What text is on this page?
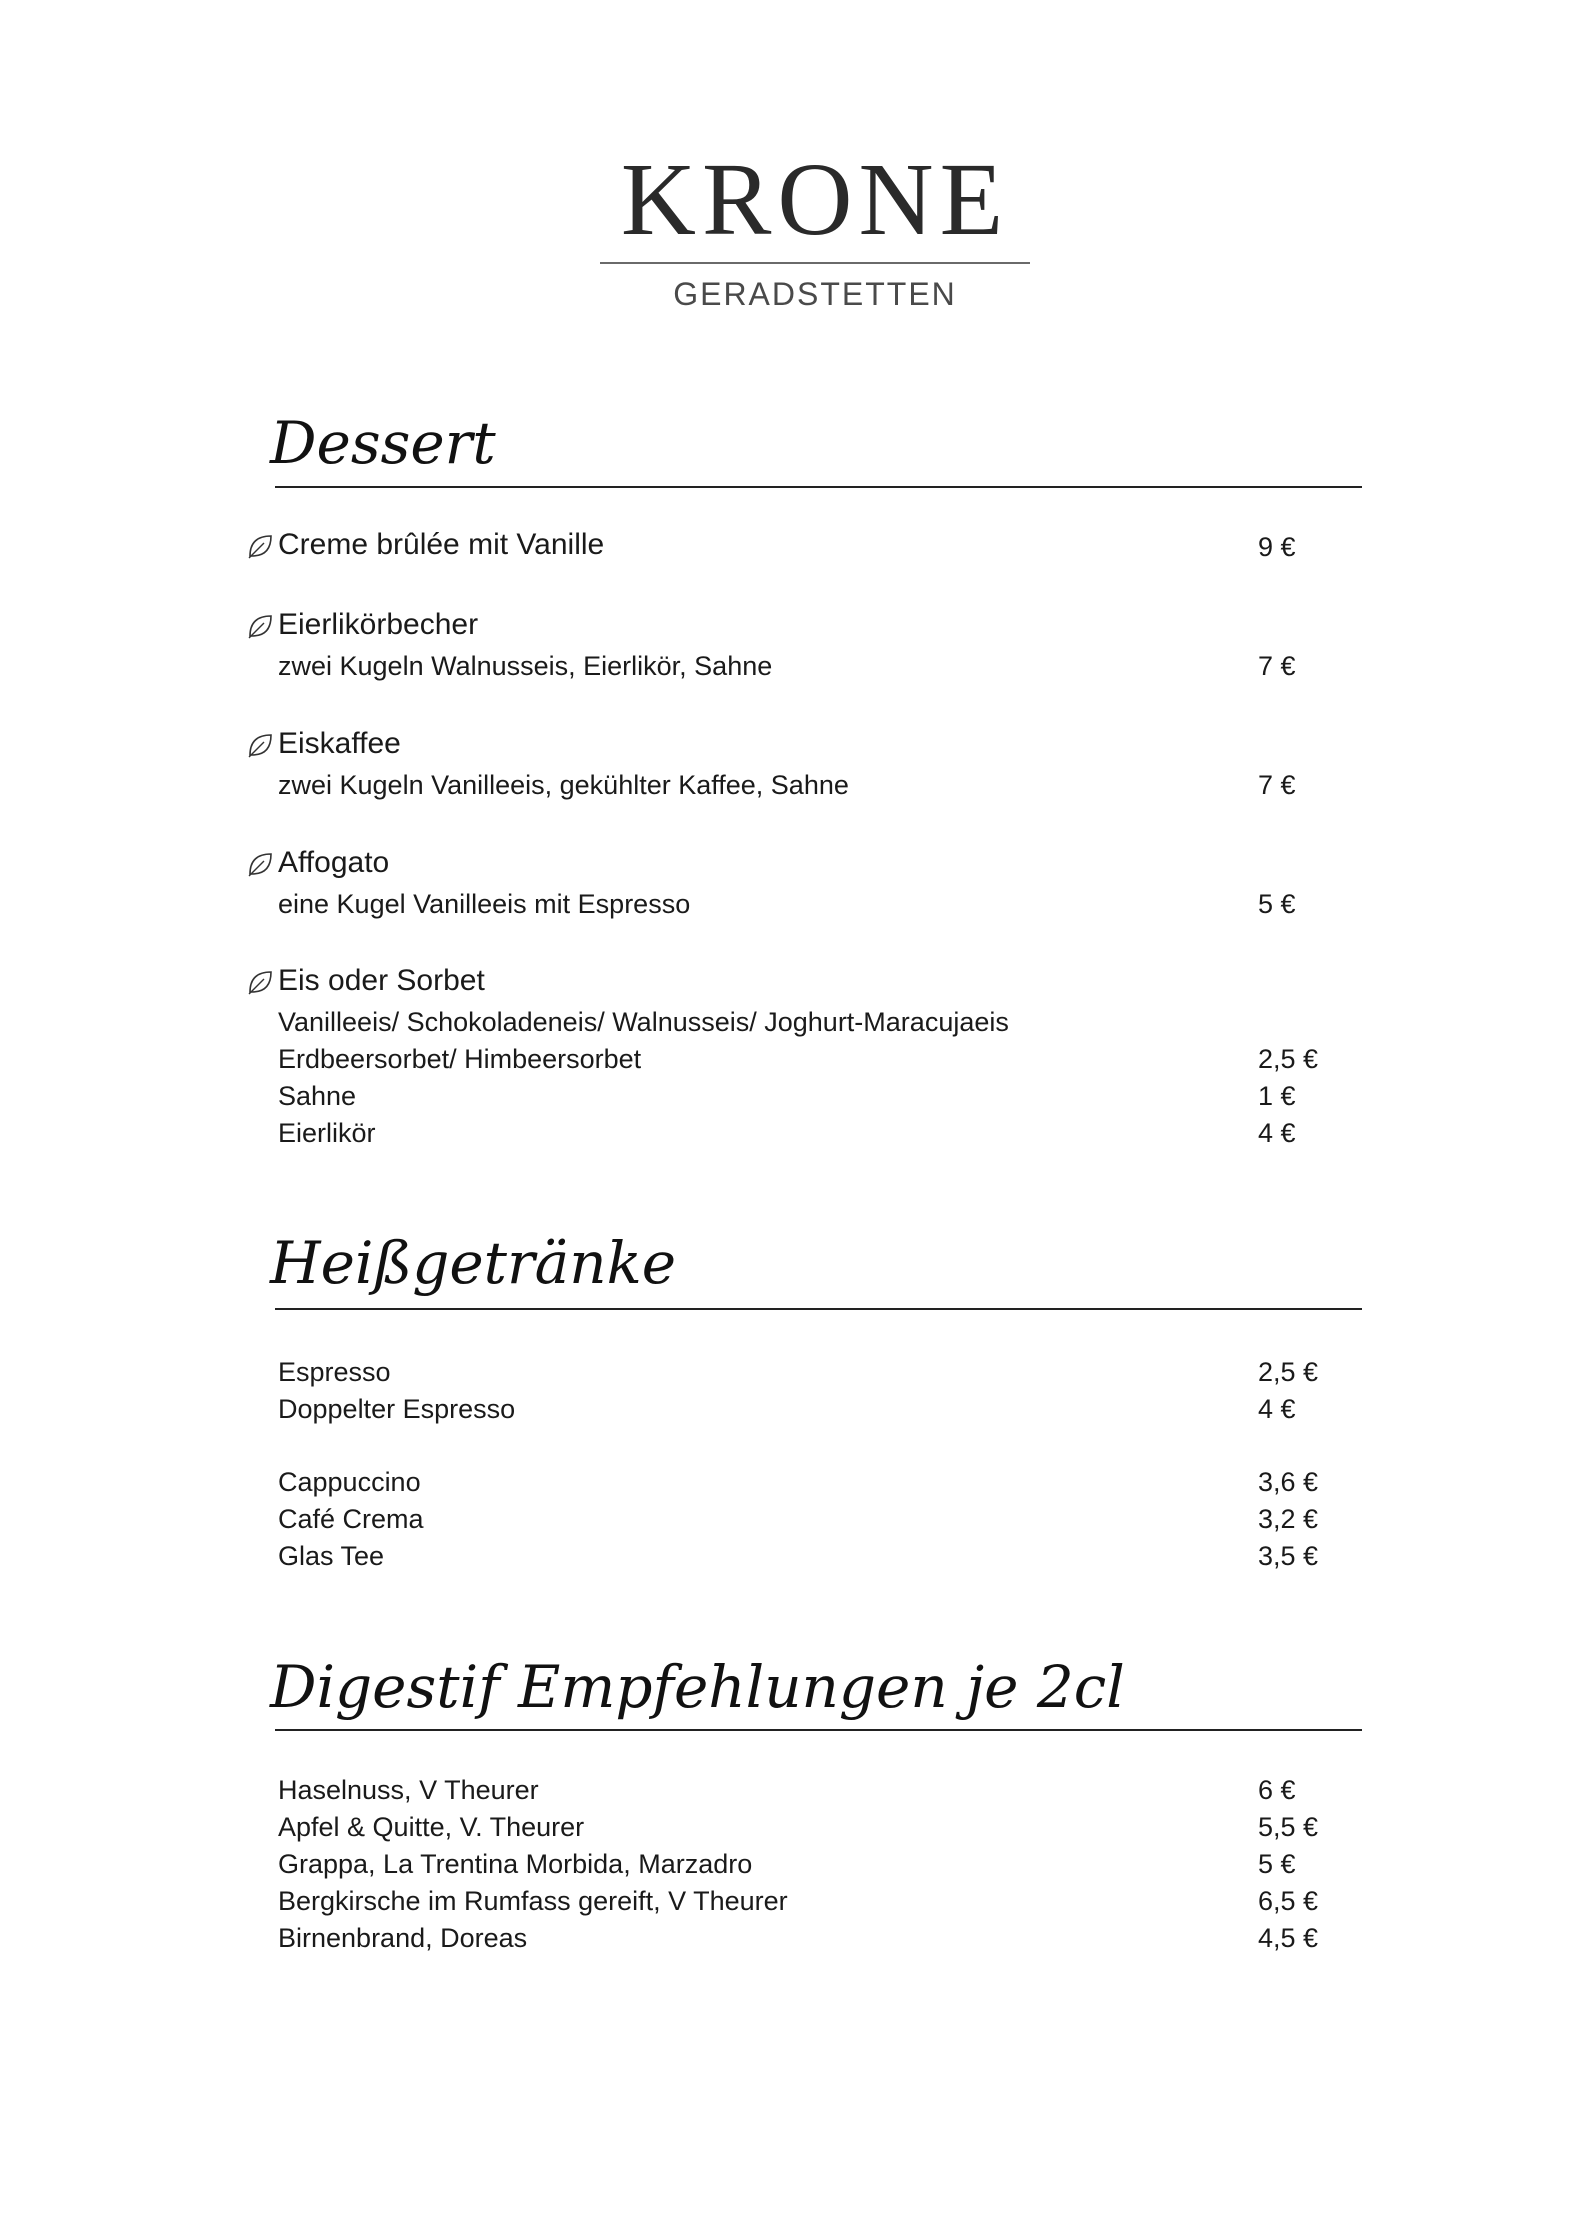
KRONE
GERADSTETTEN
Dessert
Creme brûlée mit Vanille	9 €
Eierlikörbecher
zwei Kugeln Walnusseis, Eierlikör, Sahne	7 €
Eiskaffee
zwei Kugeln Vanilleeis, gekühlter Kaffee, Sahne	7 €
Affogato
eine Kugel Vanilleeis mit Espresso	5 €
Eis oder Sorbet
Vanilleeis/ Schokoladeneis/ Walnusseis/ Joghurt-Maracujaeis
Erdbeersorbet/ Himbeersorbet	2,5 €
Sahne	1 €
Eierlikör	4 €
Heißgetränke
Espresso	2,5 €
Doppelter Espresso	4 €
Cappuccino	3,6 €
Café Crema	3,2 €
Glas Tee	3,5 €
Digestif Empfehlungen je 2cl
Haselnuss, V Theurer	6 €
Apfel & Quitte, V. Theurer	5,5 €
Grappa, La Trentina Morbida, Marzadro	5 €
Bergkirsche im Rumfass gereift, V Theurer	6,5 €
Birnenbrand, Doreas	4,5 €
